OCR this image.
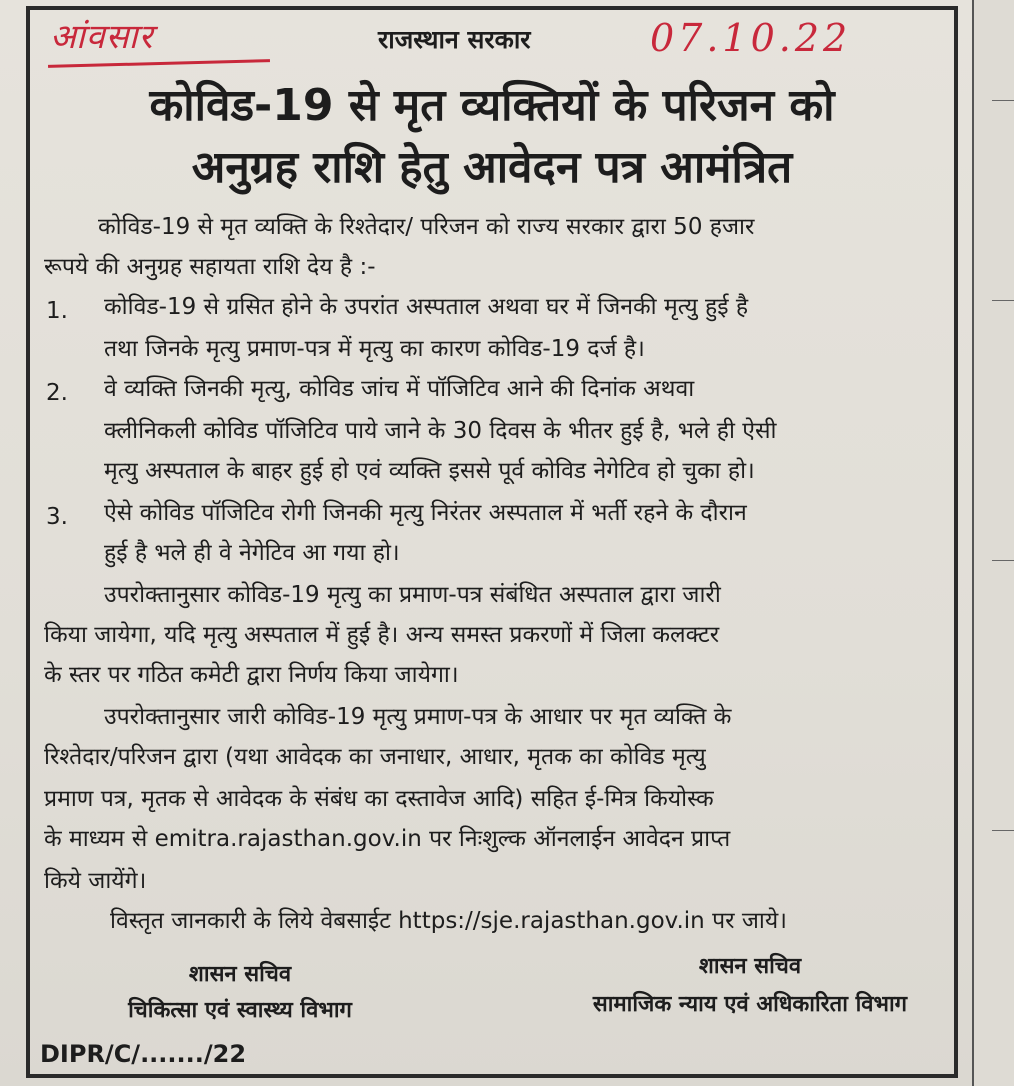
आंवसार	07.10.22
राजस्थान सरकार
कोविड-19 से मृत व्यक्तियों के परिजन को
अनुग्रह राशि हेतु आवेदन पत्र आमंत्रित
कोविड-19 से मृत व्यक्ति के रिश्तेदार/ परिजन को राज्य सरकार द्वारा 50 हजार
रूपये की अनुग्रह सहायता राशि देय है :-
1. कोविड-19 से ग्रसित होने के उपरांत अस्पताल अथवा घर में जिनकी मृत्यु हुई है
तथा जिनके मृत्यु प्रमाण-पत्र में मृत्यु का कारण कोविड-19 दर्ज है।
2. वे व्यक्ति जिनकी मृत्यु, कोविड जांच में पॉजिटिव आने की दिनांक अथवा
क्लीनिकली कोविड पॉजिटिव पाये जाने के 30 दिवस के भीतर हुई है, भले ही ऐसी
मृत्यु अस्पताल के बाहर हुई हो एवं व्यक्ति इससे पूर्व कोविड नेगेटिव हो चुका हो।
3. ऐसे कोविड पॉजिटिव रोगी जिनकी मृत्यु निरंतर अस्पताल में भर्ती रहने के दौरान
हुई है भले ही वे नेगेटिव आ गया हो।
उपरोक्तानुसार कोविड-19 मृत्यु का प्रमाण-पत्र संबंधित अस्पताल द्वारा जारी
किया जायेगा, यदि मृत्यु अस्पताल में हुई है। अन्य समस्त प्रकरणों में जिला कलक्टर
के स्तर पर गठित कमेटी द्वारा निर्णय किया जायेगा।
उपरोक्तानुसार जारी कोविड-19 मृत्यु प्रमाण-पत्र के आधार पर मृत व्यक्ति के
रिश्तेदार/परिजन द्वारा (यथा आवेदक का जनाधार, आधार, मृतक का कोविड मृत्यु
प्रमाण पत्र, मृतक से आवेदक के संबंध का दस्तावेज आदि) सहित ई-मित्र कियोस्क
के माध्यम से emitra.rajasthan.gov.in पर निःशुल्क ऑनलाईन आवेदन प्राप्त
किये जायेंगे।
विस्तृत जानकारी के लिये वेबसाईट https://sje.rajasthan.gov.in पर जाये।
शासन सचिव
चिकित्सा एवं स्वास्थ्य विभाग
शासन सचिव
सामाजिक न्याय एवं अधिकारिता विभाग
DIPR/C/......./22
